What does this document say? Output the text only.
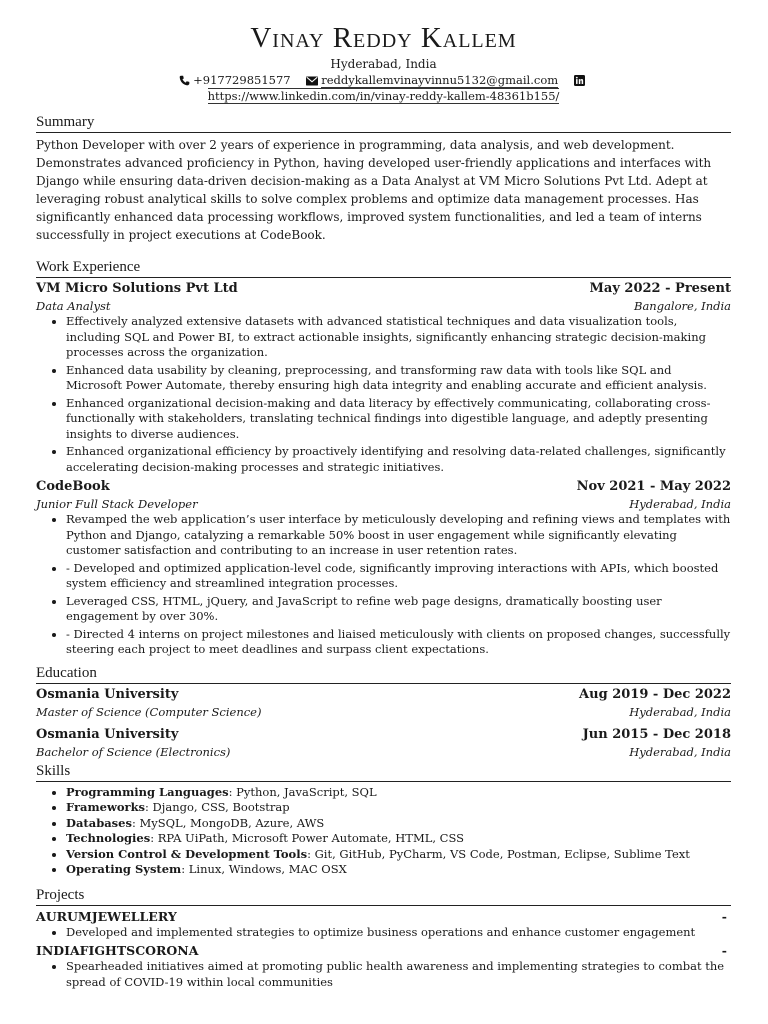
Vinay Reddy Kallem
Hyderabad, India
+917729851577	reddykallemvinayvinnu5132@gmail.com
https://www.linkedin.com/in/vinay-reddy-kallem-48361b155/
Summary

Python Developer with over 2 years of experience in programming, data analysis, and web development. Demonstrates advanced proficiency in Python, having developed user-friendly applications and interfaces with Django while ensuring data-driven decision-making as a Data Analyst at VM Micro Solutions Pvt Ltd. Adept at leveraging robust analytical skills to solve complex problems and optimize data management processes. Has significantly enhanced data processing workflows, improved system functionalities, and led a team of interns successfully in project executions at CodeBook.

Work Experience
VM Micro Solutions Pvt Ltd	May 2022 - Present
Data Analyst	Bangalore, India
• Effectively analyzed extensive datasets with advanced statistical techniques and data visualization tools, including SQL and Power BI, to extract actionable insights, significantly enhancing strategic decision-making processes across the organization.
• Enhanced data usability by cleaning, preprocessing, and transforming raw data with tools like SQL and Microsoft Power Automate, thereby ensuring high data integrity and enabling accurate and efficient analysis.
• Enhanced organizational decision-making and data literacy by effectively communicating, collaborating cross-functionally with stakeholders, translating technical findings into digestible language, and adeptly presenting insights to diverse audiences.
• Enhanced organizational efficiency by proactively identifying and resolving data-related challenges, significantly accelerating decision-making processes and strategic initiatives.
CodeBook	Nov 2021 - May 2022
Junior Full Stack Developer	Hyderabad, India
• Revamped the web application’s user interface by meticulously developing and refining views and templates with Python and Django, catalyzing a remarkable 50% boost in user engagement while significantly elevating customer satisfaction and contributing to an increase in user retention rates.
• - Developed and optimized application-level code, significantly improving interactions with APIs, which boosted system efficiency and streamlined integration processes.
• Leveraged CSS, HTML, jQuery, and JavaScript to refine web page designs, dramatically boosting user engagement by over 30%.
• - Directed 4 interns on project milestones and liaised meticulously with clients on proposed changes, successfully steering each project to meet deadlines and surpass client expectations.
Education
Osmania University	Aug 2019 - Dec 2022
Master of Science (Computer Science)	Hyderabad, India
Osmania University	Jun 2015 - Dec 2018
Bachelor of Science (Electronics)	Hyderabad, India
Skills
• Programming Languages: Python, JavaScript, SQL
• Frameworks: Django, CSS, Bootstrap
• Databases: MySQL, MongoDB, Azure, AWS
• Technologies: RPA UiPath, Microsoft Power Automate, HTML, CSS
• Version Control & Development Tools: Git, GitHub, PyCharm, VS Code, Postman, Eclipse, Sublime Text
• Operating System: Linux, Windows, MAC OSX
Projects
AURUMJEWELLERY	-
• Developed and implemented strategies to optimize business operations and enhance customer engagement
INDIAFIGHTSCORONA	-
• Spearheaded initiatives aimed at promoting public health awareness and implementing strategies to combat the spread of COVID-19 within local communities
